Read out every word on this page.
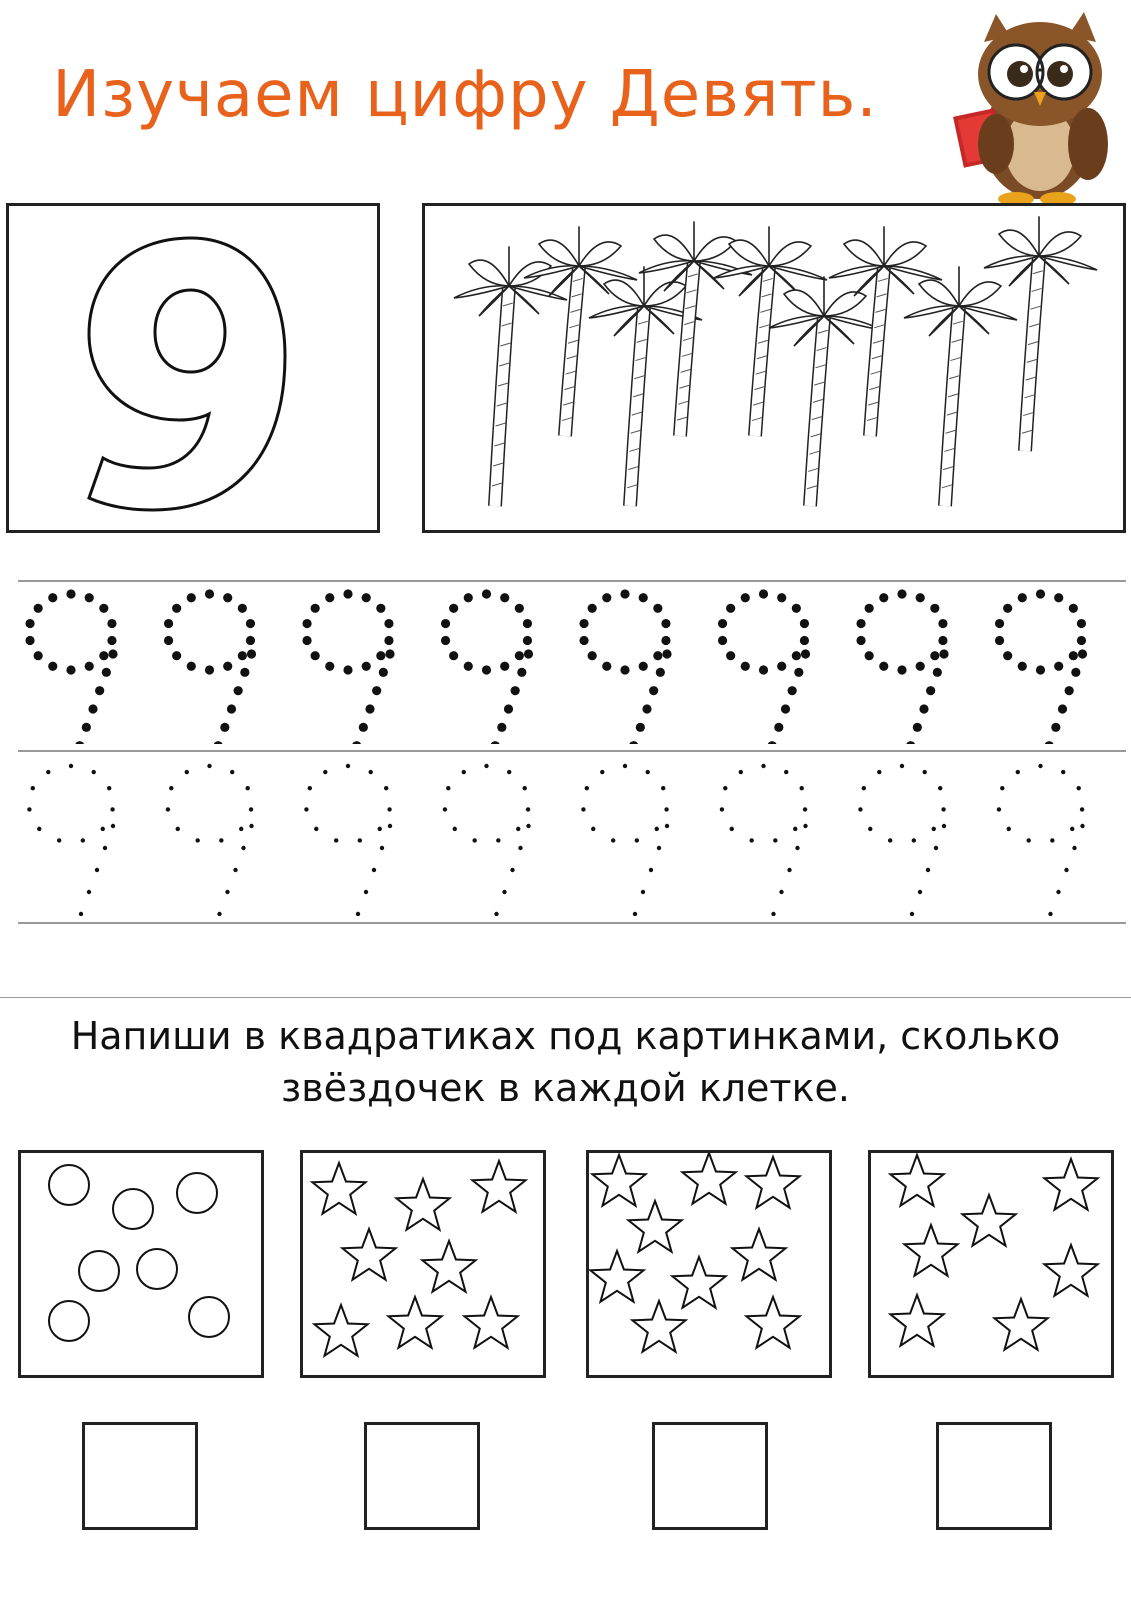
Изучаем цифру Девять.
Напиши в квадратиках под картинками, сколько
звёздочек в каждой клетке.
